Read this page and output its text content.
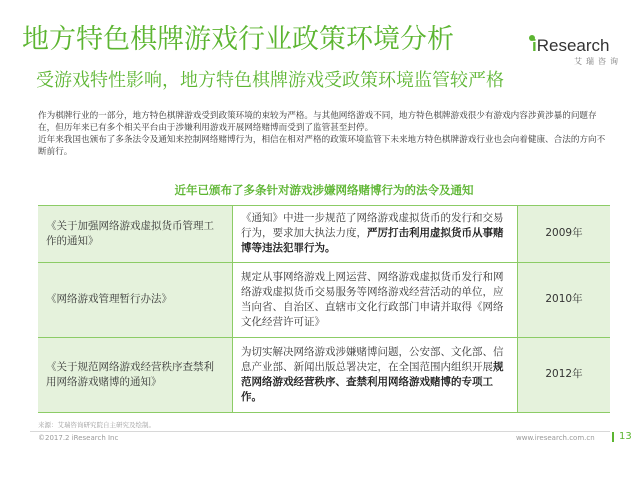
地方特色棋牌游戏行业政策环境分析
受游戏特性影响，地方特色棋牌游戏受政策环境监管较严格
iResearch
艾瑞咨询

作为棋牌行业的一部分，地方特色棋牌游戏受到政策环境的束较为严格。与其他网络游戏不同，地方特色棋牌游戏很少有游戏内容涉黄涉暴的问题存在，但历年来已有多个相关平台由于涉嫌利用游戏开展网络赌博而受到了监管甚至封停。

近年来我国也颁布了多条法令及通知来控制网络赌博行为，相信在相对严格的政策环境监管下未来地方特色棋牌游戏行业也会向着健康、合法的方向不断前行。

近年已颁布了多条针对游戏涉嫌网络赌博行为的法令及通知
《关于加强网络游戏虚拟货币管理工作的通知》	《通知》中进一步规范了网络游戏虚拟货币的发行和交易行为，要求加大执法力度，严厉打击利用虚拟货币从事赌博等违法犯罪行为。	2009年
《网络游戏管理暂行办法》	规定从事网络游戏上网运营、网络游戏虚拟货币发行和网络游戏虚拟货币交易服务等网络游戏经营活动的单位，应当向省、自治区、直辖市文化行政部门申请并取得《网络文化经营许可证》	2010年
《关于规范网络游戏经营秩序查禁利用网络游戏赌博的通知》	为切实解决网络游戏涉嫌赌博问题，公安部、文化部、信息产业部、新闻出版总署决定，在全国范围内组织开展规范网络游戏经营秩序、查禁利用网络游戏赌博的专项工作。	2012年
来源：艾瑞咨询研究院自主研究及绘制。
©2017.2 iResearch Inc	www.iresearch.com.cn 13
